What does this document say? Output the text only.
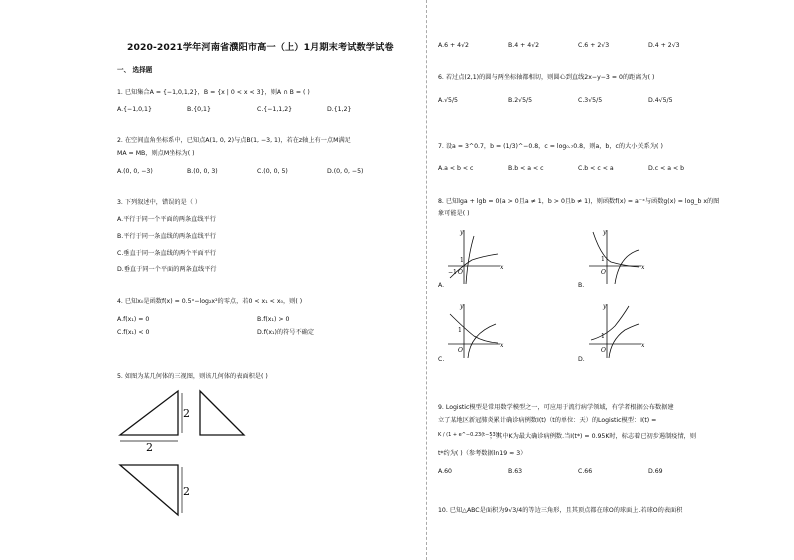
2020-2021学年河南省濮阳市高一（上）1月期末考试数学试卷
一、 选择题
1. 已知集合A = {−1,0,1,2}，B = {x | 0 < x < 3}，则A ∩ B = ( )
A.{−1,0,1}	B.{0,1}	C.{−1,1,2}	D.{1,2}
2. 在空间直角坐标系中，已知点A(1, 0, 2)与点B(1, −3, 1)，若在z轴上有一点M满足
MA = MB，则点M坐标为( )
A.(0, 0, −3)	B.(0, 0, 3)	C.(0, 0, 5)	D.(0, 0, −5)
3. 下列叙述中，错误的是（ ）
A.平行于同一个平面的两条直线平行
B.平行于同一条直线的两条直线平行
C.垂直于同一条直线的两个平面平行
D.垂直于同一个平面的两条直线平行
4. 已知x₀是函数f(x) = 0.5ˣ−log₂x²的零点，若0 < x₁ < x₀，则( )
A.f(x₁) = 0	B.f(x₁) > 0
C.f(x₁) < 0	D.f(x₁)的符号不确定
5. 如图为某几何体的三视图，则该几何体的表面积是( )
2
2
2
A.6 + 4√2	B.4 + 4√2	C.6 + 2√3	D.4 + 2√3
6. 若过点(2,1)的圆与两坐标轴都相切，则圆心到直线2x−y−3 = 0的距离为( )
A.√5/5	B.2√5/5	C.3√5/5	D.4√5/5
7. 设a = 3^0.7，b = (1/3)^−0.8，c = log₀.₇0.8，则a，b，c的大小关系为( )
A.a < b < c	B.b < a < c	C.b < c < a	D.c < a < b
8. 已知lga + lgb = 0(a > 0且a ≠ 1，b > 0且b ≠ 1)，则函数f(x) = a⁻ˣ与函数g(x) = log_b x的图
象可能是( )
y
x
O
−1
1
A.
y
x
O
1
B.
y
x
O
1
C.
y
x
O
1
D.
9. Logistic模型是常用数学模型之一，可应用于流行病学领域，有学者根据公布数据建
立了某地区新冠肺炎累计确诊病例数I(t)（t的单位：天）的Logistic模型：I(t) =
K / (1 + e^−0.23(t−53))
，其中K为最大确诊病例数.当I(t*) = 0.95K时，标志着已初步遏制疫情，则
t*约为( )（参考数据ln19 ≈ 3）
A.60	B.63	C.66	D.69
10. 已知△ABC是面积为9√3/4的等边三角形，且其顶点都在球O的球面上.若球O的表面积
